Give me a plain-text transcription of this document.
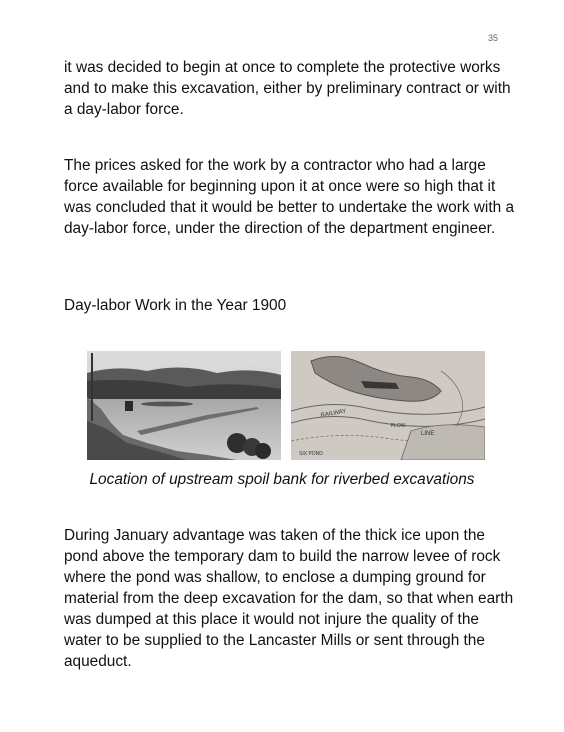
35

it was decided to begin at once to complete the protective works and to make this excavation, either by preliminary contract or with a day-labor force.

The prices asked for the work by a contractor who had a large force available for beginning upon it at once were so high that it was concluded that it would be better to undertake the work with a day-labor force, under the direction of the department engineer.

Day-labor Work in the Year 1900

RAILWAY
LINE
FLOW
SIX POND
Location of upstream spoil bank for riverbed excavations

During January advantage was taken of the thick ice upon the pond above the temporary dam to build the narrow levee of rock where the pond was shallow, to enclose a dumping ground for material from the deep excavation for the dam, so that when earth was dumped at this place it would not injure the quality of the water to be supplied to the Lancaster Mills or sent through the aqueduct.
